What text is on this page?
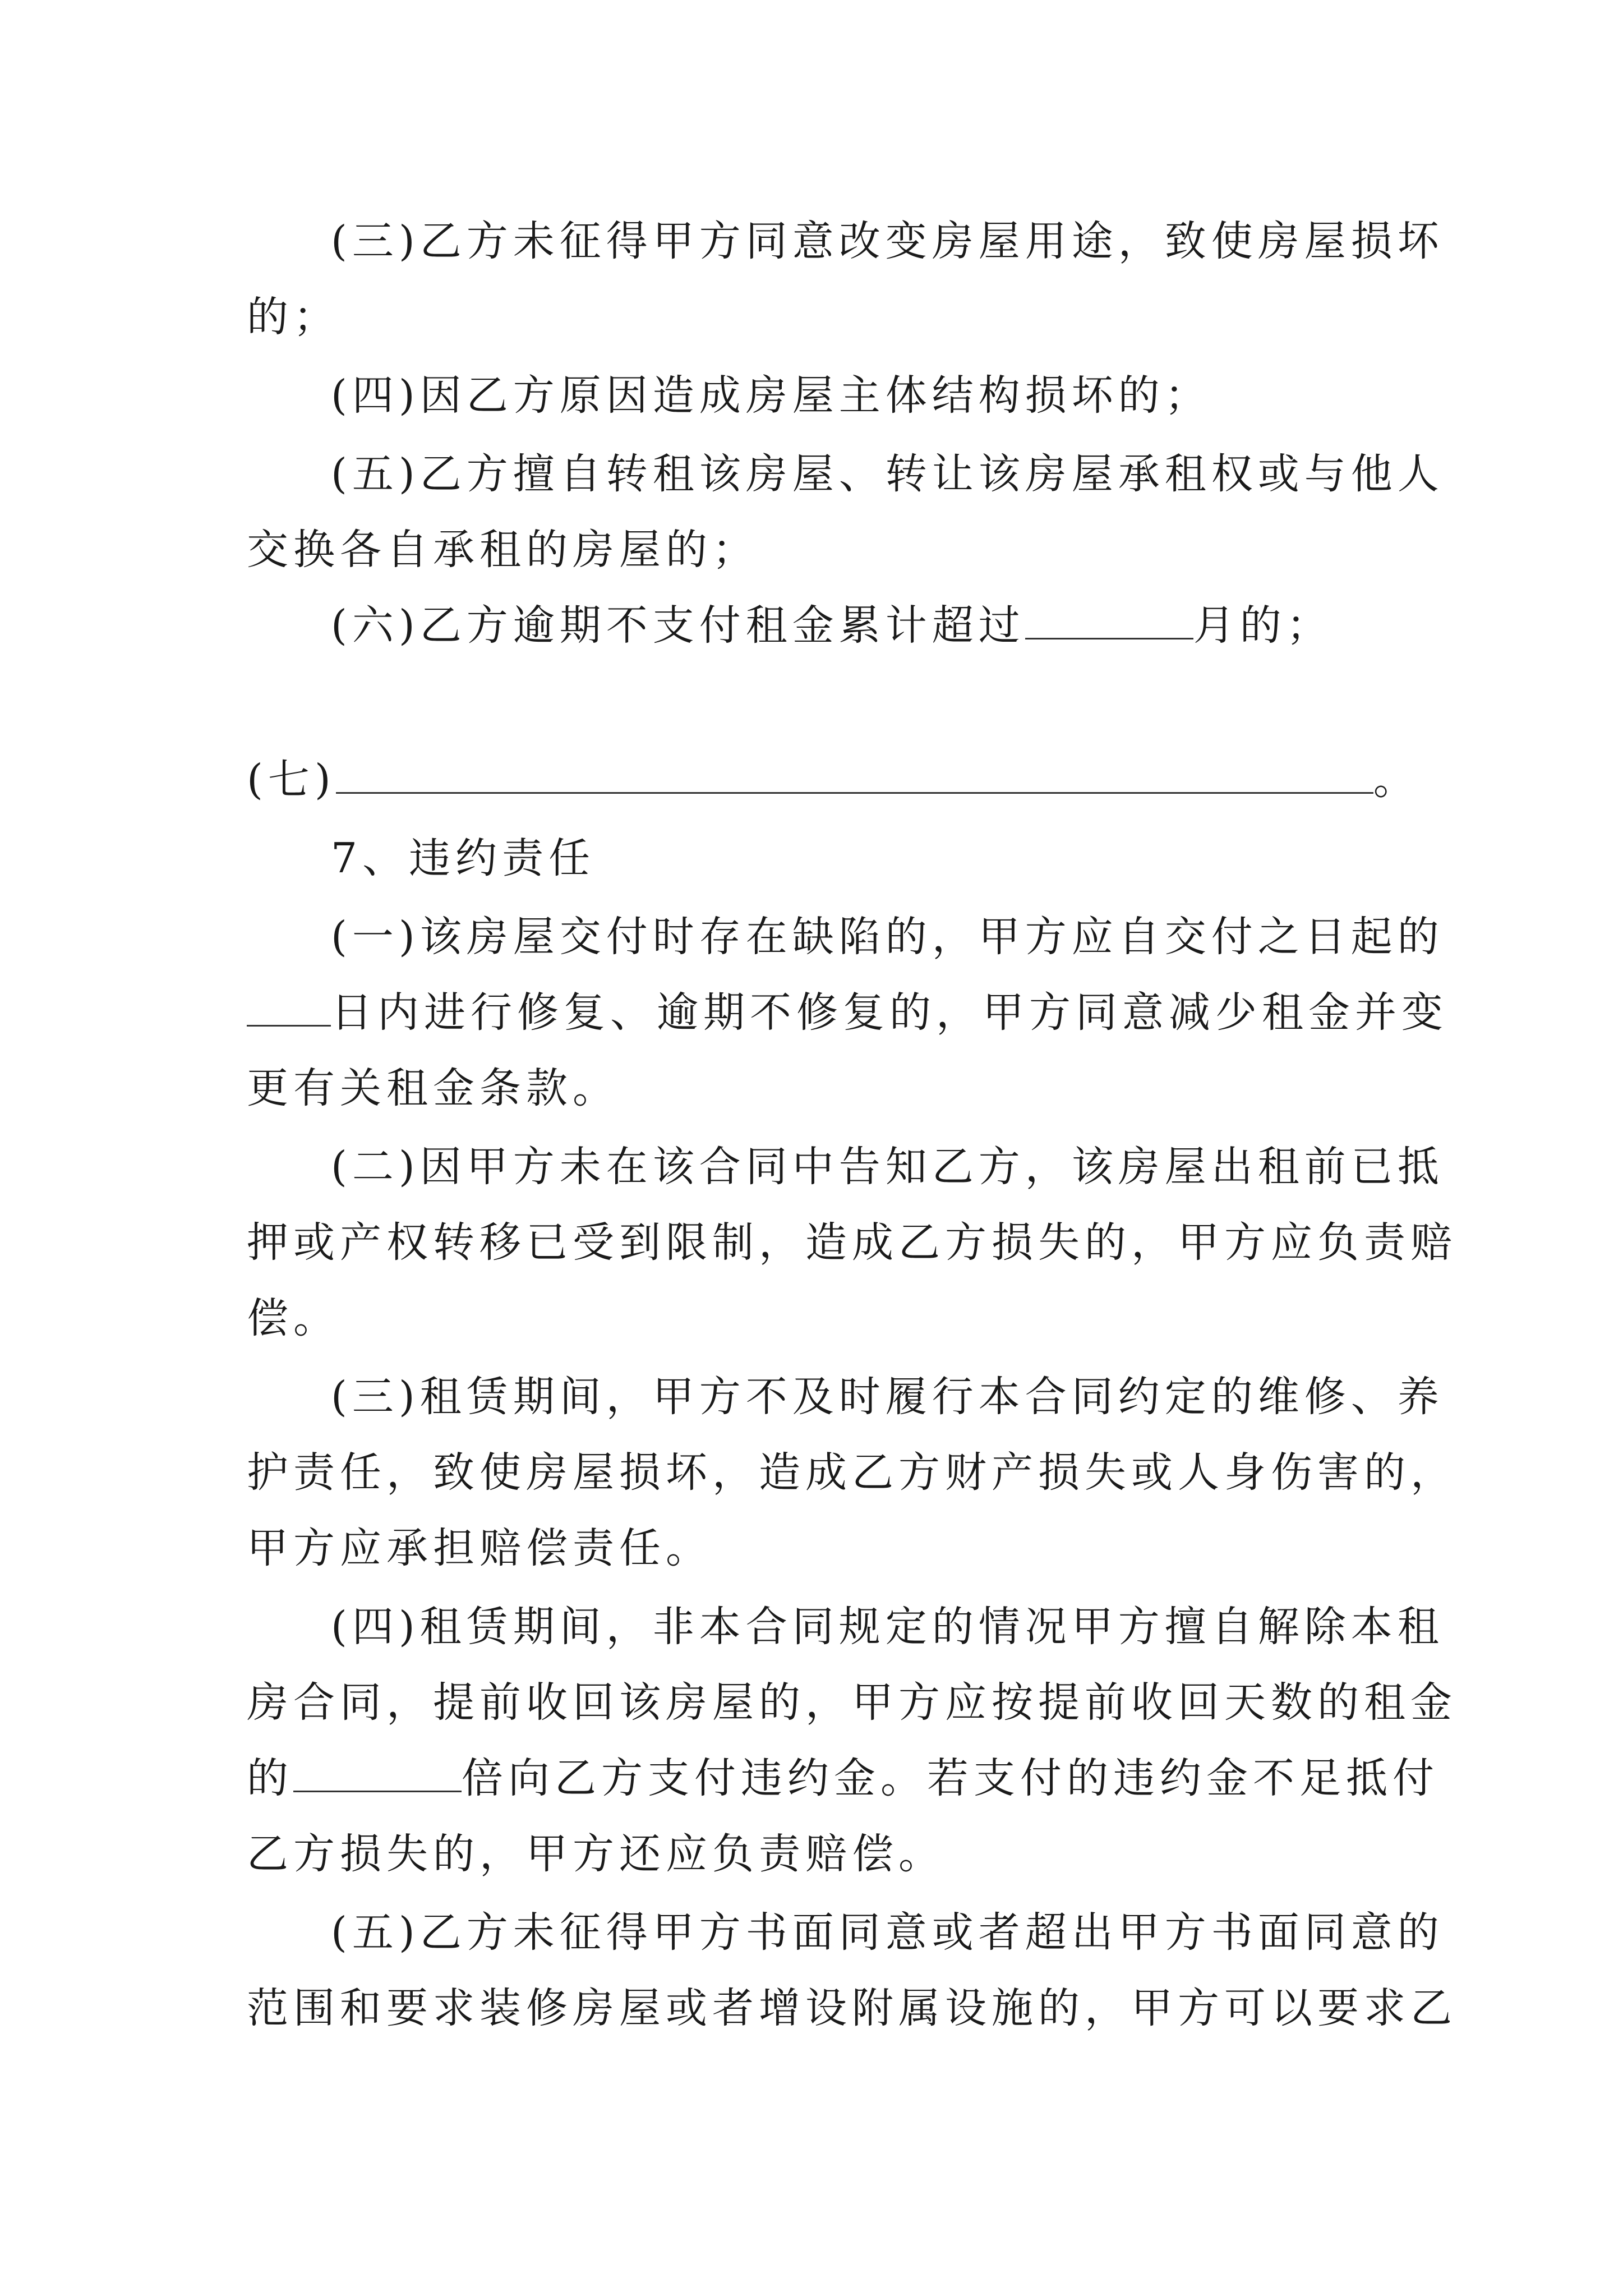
(三)乙方未征得甲方同意改变房屋用途，致使房屋损坏
的；
(四)因乙方原因造成房屋主体结构损坏的；
(五)乙方擅自转租该房屋、转让该房屋承租权或与他人
交换各自承租的房屋的；
(六)乙方逾期不支付租金累计超过	月的；
(七)	。
7、违约责任
(一)该房屋交付时存在缺陷的，甲方应自交付之日起的
日内进行修复、逾期不修复的，甲方同意减少租金并变
更有关租金条款。
(二)因甲方未在该合同中告知乙方，该房屋出租前已抵
押或产权转移已受到限制，造成乙方损失的，甲方应负责赔
偿。
(三)租赁期间，甲方不及时履行本合同约定的维修、养
护责任，致使房屋损坏，造成乙方财产损失或人身伤害的，
甲方应承担赔偿责任。
(四)租赁期间，非本合同规定的情况甲方擅自解除本租
房合同，提前收回该房屋的，甲方应按提前收回天数的租金
的	倍向乙方支付违约金。若支付的违约金不足抵付
乙方损失的，甲方还应负责赔偿。
(五)乙方未征得甲方书面同意或者超出甲方书面同意的
范围和要求装修房屋或者增设附属设施的，甲方可以要求乙
